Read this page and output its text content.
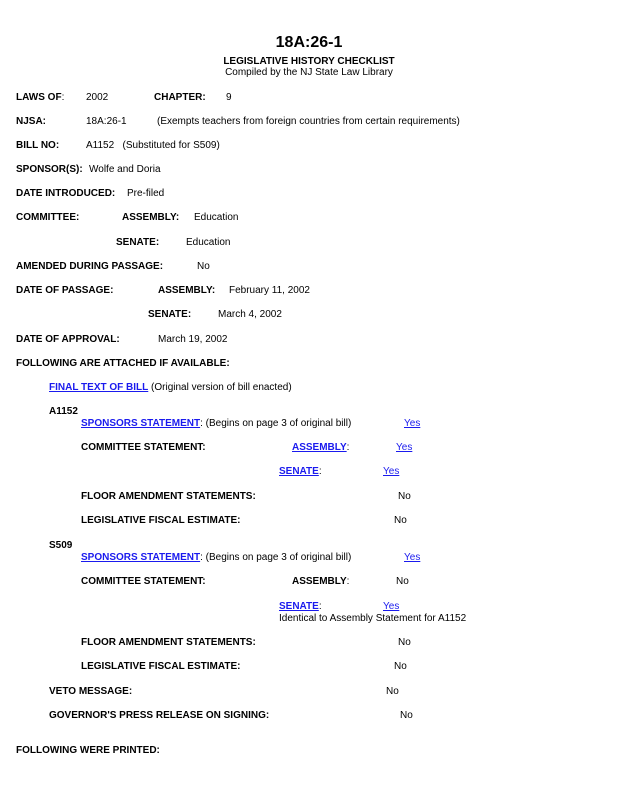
18A:26-1
LEGISLATIVE HISTORY CHECKLIST
Compiled by the NJ State Law Library
LAWS OF: 2002	CHAPTER: 9
NJSA:	18A:26-1	(Exempts teachers from foreign countries from certain requirements)
BILL NO:	A1152   (Substituted for S509)
SPONSOR(S): Wolfe and Doria
DATE INTRODUCED: Pre-filed
COMMITTEE:	ASSEMBLY: Education
SENATE:	Education
AMENDED DURING PASSAGE:	No
DATE OF PASSAGE:	ASSEMBLY: February 11, 2002
SENATE:	March 4, 2002
DATE OF APPROVAL:	March 19, 2002
FOLLOWING ARE ATTACHED IF AVAILABLE:
FINAL TEXT OF BILL (Original version of bill enacted)
A1152
SPONSORS STATEMENT: (Begins on page 3 of original bill)	Yes
COMMITTEE STATEMENT:	ASSEMBLY:	Yes
SENATE:	Yes
FLOOR AMENDMENT STATEMENTS:	No
LEGISLATIVE FISCAL ESTIMATE:	No
S509
SPONSORS STATEMENT: (Begins on page 3 of original bill)	Yes
COMMITTEE STATEMENT:	ASSEMBLY:	No
SENATE:	Yes
Identical to Assembly Statement for A1152
FLOOR AMENDMENT STATEMENTS:	No
LEGISLATIVE FISCAL ESTIMATE:	No
VETO MESSAGE:	No
GOVERNOR'S PRESS RELEASE ON SIGNING:	No
FOLLOWING WERE PRINTED:
